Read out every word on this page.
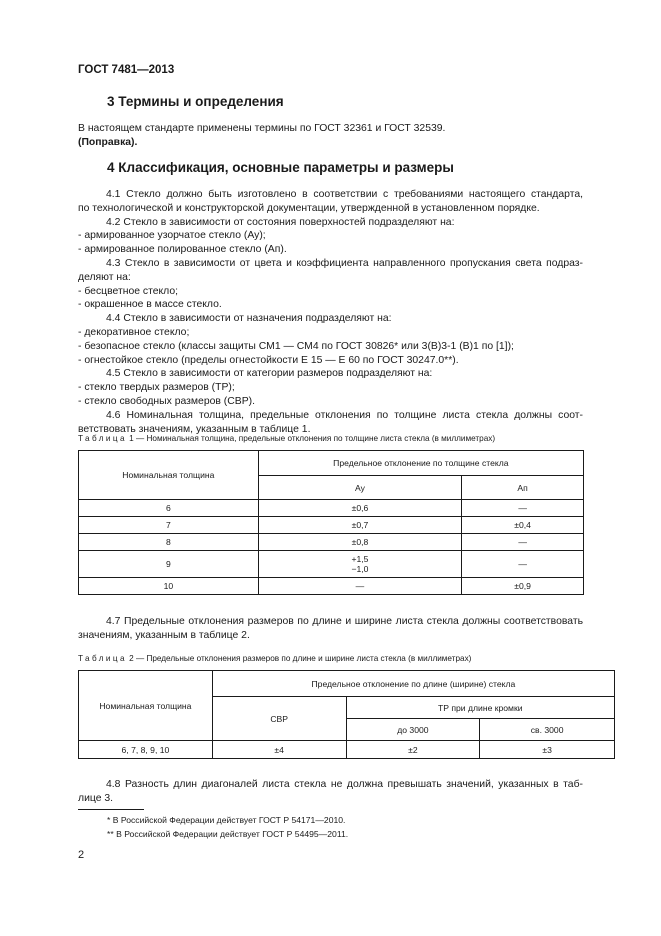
ГОСТ 7481—2013
3 Термины и определения
В настоящем стандарте применены термины по ГОСТ 32361 и ГОСТ 32539.
(Поправка).
4 Классификация, основные параметры и размеры
4.1 Стекло должно быть изготовлено в соответствии с требованиями настоящего стандарта,
по технологической и конструкторской документации, утвержденной в установленном порядке.
4.2 Стекло в зависимости от состояния поверхностей подразделяют на:
- армированное узорчатое стекло (Ау);
- армированное полированное стекло (Ап).
4.3 Стекло в зависимости от цвета и коэффициента направленного пропускания света подраз-
деляют на:
- бесцветное стекло;
- окрашенное в массе стекло.
4.4 Стекло в зависимости от назначения подразделяют на:
- декоративное стекло;
- безопасное стекло (классы защиты СМ1 — СМ4 по ГОСТ 30826* или 3(В)3-1 (В)1 по [1]);
- огнестойкое стекло (пределы огнестойкости Е 15 — Е 60 по ГОСТ 30247.0**).
4.5 Стекло в зависимости от категории размеров подразделяют на:
- стекло твердых размеров (ТР);
- стекло свободных размеров (СВР).
4.6 Номинальная толщина, предельные отклонения по толщине листа стекла должны соот-
ветствовать значениям, указанным в таблице 1.
Таблица 1 — Номинальная толщина, предельные отклонения по толщине листа стекла (в миллиметрах)
Номинальная толщина	Предельное отклонение по толщине стекла	
	Ау	Ап
6	±0,6	—
7	±0,7	±0,4
8	±0,8	—
9	+1,5
−1,0	—
10	—	±0,9
4.7 Предельные отклонения размеров по длине и ширине листа стекла должны соответствовать
значениям, указанным в таблице 2.
Таблица 2 — Предельные отклонения размеров по длине и ширине листа стекла (в миллиметрах)
Номинальная толщина	Предельное отклонение по длине (ширине) стекла		
	СВР	ТР при длине кромки	
		до 3000	св. 3000
6, 7, 8, 9, 10	±4	±2	±3
4.8 Разность длин диагоналей листа стекла не должна превышать значений, указанных в таб-
лице 3.
* В Российской Федерации действует ГОСТ Р 54171—2010.
** В Российской Федерации действует ГОСТ Р 54495—2011.
2
